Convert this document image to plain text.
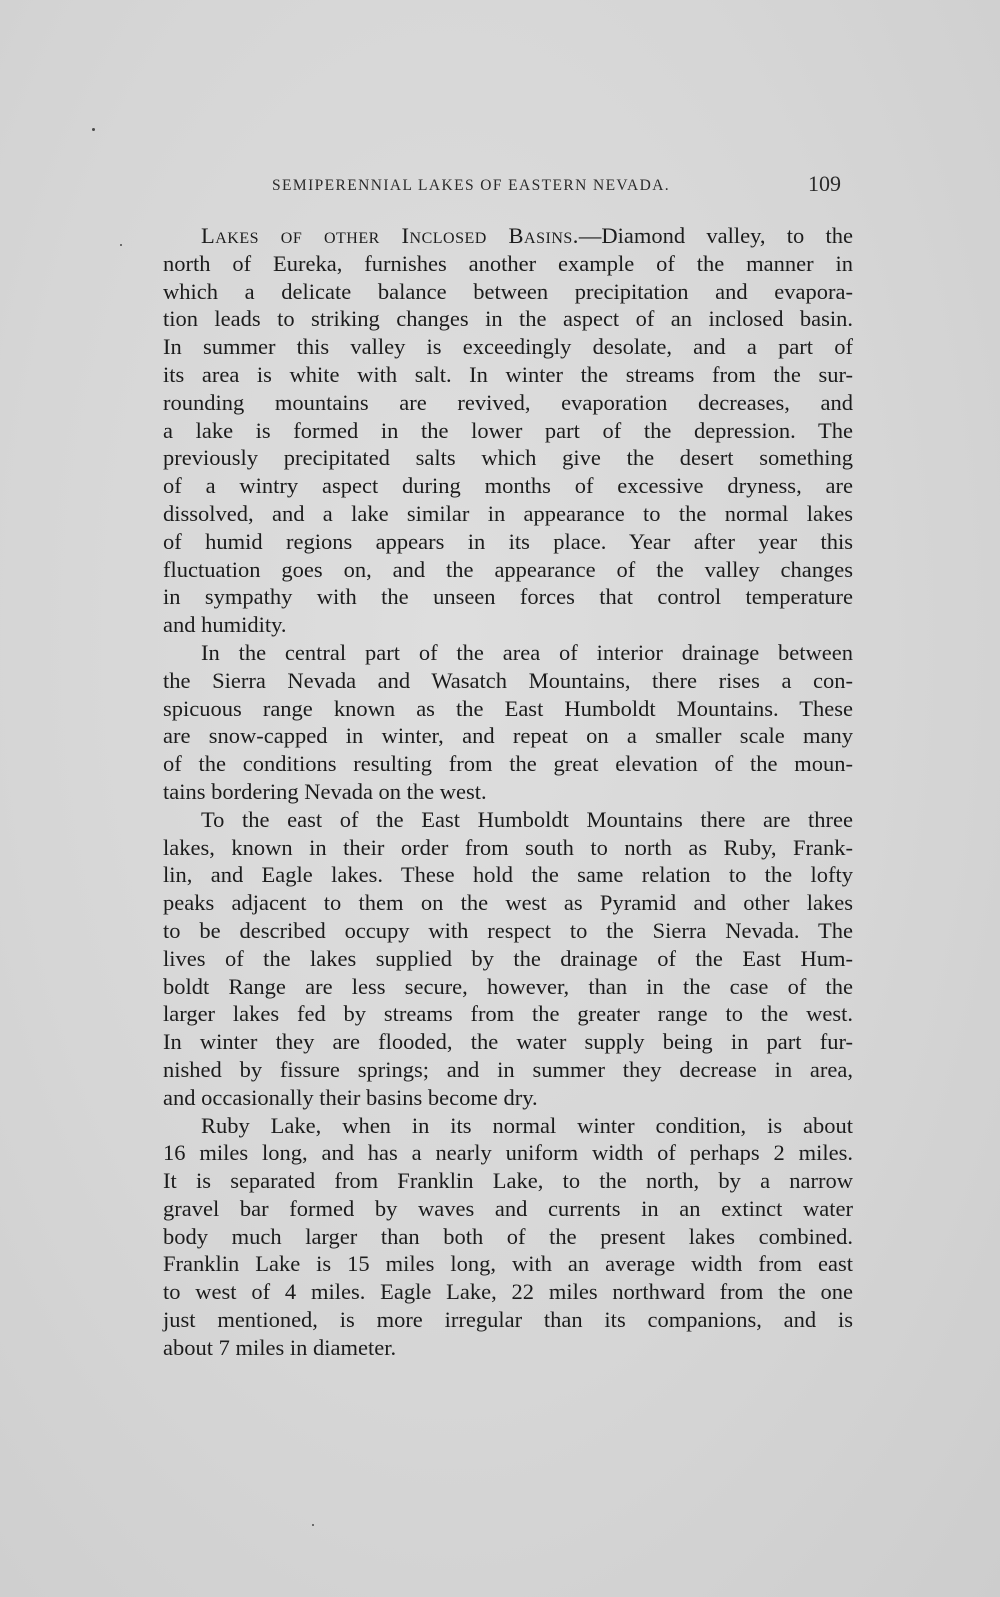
SEMIPERENNIAL LAKES OF EASTERN NEVADA.	109
Lakes of other Inclosed Basins.—Diamond valley, to the
north of Eureka, furnishes another example of the manner in
which a delicate balance between precipitation and evapora-
tion leads to striking changes in the aspect of an inclosed basin.
In summer this valley is exceedingly desolate, and a part of
its area is white with salt. In winter the streams from the sur-
rounding mountains are revived, evaporation decreases, and
a lake is formed in the lower part of the depression. The
previously precipitated salts which give the desert something
of a wintry aspect during months of excessive dryness, are
dissolved, and a lake similar in appearance to the normal lakes
of humid regions appears in its place. Year after year this
fluctuation goes on, and the appearance of the valley changes
in sympathy with the unseen forces that control temperature
and humidity.
In the central part of the area of interior drainage between
the Sierra Nevada and Wasatch Mountains, there rises a con-
spicuous range known as the East Humboldt Mountains. These
are snow-capped in winter, and repeat on a smaller scale many
of the conditions resulting from the great elevation of the moun-
tains bordering Nevada on the west.
To the east of the East Humboldt Mountains there are three
lakes, known in their order from south to north as Ruby, Frank-
lin, and Eagle lakes. These hold the same relation to the lofty
peaks adjacent to them on the west as Pyramid and other lakes
to be described occupy with respect to the Sierra Nevada. The
lives of the lakes supplied by the drainage of the East Hum-
boldt Range are less secure, however, than in the case of the
larger lakes fed by streams from the greater range to the west.
In winter they are flooded, the water supply being in part fur-
nished by fissure springs; and in summer they decrease in area,
and occasionally their basins become dry.
Ruby Lake, when in its normal winter condition, is about
16 miles long, and has a nearly uniform width of perhaps 2 miles.
It is separated from Franklin Lake, to the north, by a narrow
gravel bar formed by waves and currents in an extinct water
body much larger than both of the present lakes combined.
Franklin Lake is 15 miles long, with an average width from east
to west of 4 miles. Eagle Lake, 22 miles northward from the one
just mentioned, is more irregular than its companions, and is
about 7 miles in diameter.
